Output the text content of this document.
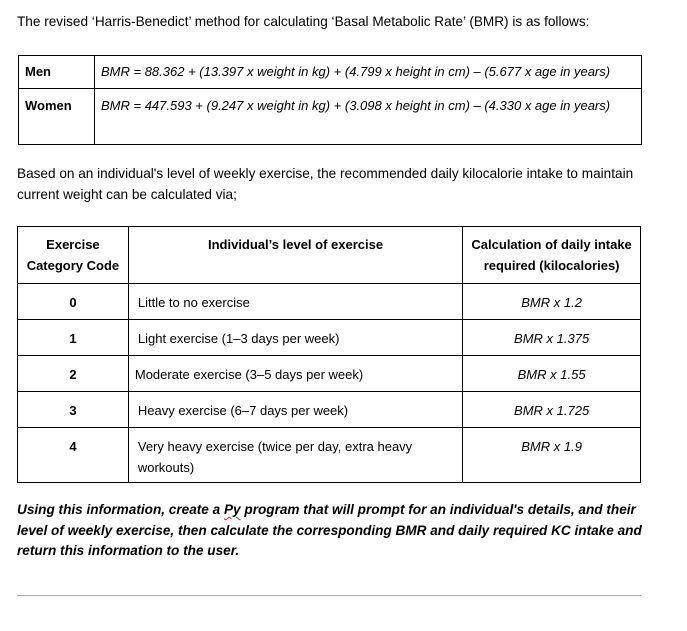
The revised ‘Harris-Benedict’ method for calculating ‘Basal Metabolic Rate’ (BMR) is as follows:
Men	BMR = 88.362 + (13.397 x weight in kg) + (4.799 x height in cm) – (5.677 x age in years)
Women	BMR = 447.593 + (9.247 x weight in kg) + (3.098 x height in cm) – (4.330 x age in years)
Based on an individual's level of weekly exercise, the recommended daily kilocalorie intake to maintain current weight can be calculated via;
Exercise Category Code	Individual’s level of exercise	Calculation of daily intake required (kilocalories)
0	Little to no exercise	BMR x 1.2
1	Light exercise (1–3 days per week)	BMR x 1.375
2	Moderate exercise (3–5 days per week)	BMR x 1.55
3	Heavy exercise (6–7 days per week)	BMR x 1.725
4	Very heavy exercise (twice per day, extra heavy workouts)	BMR x 1.9
Using this information, create a Py program that will prompt for an individual's details, and their level of weekly exercise, then calculate the corresponding BMR and daily required KC intake and return this information to the user.
